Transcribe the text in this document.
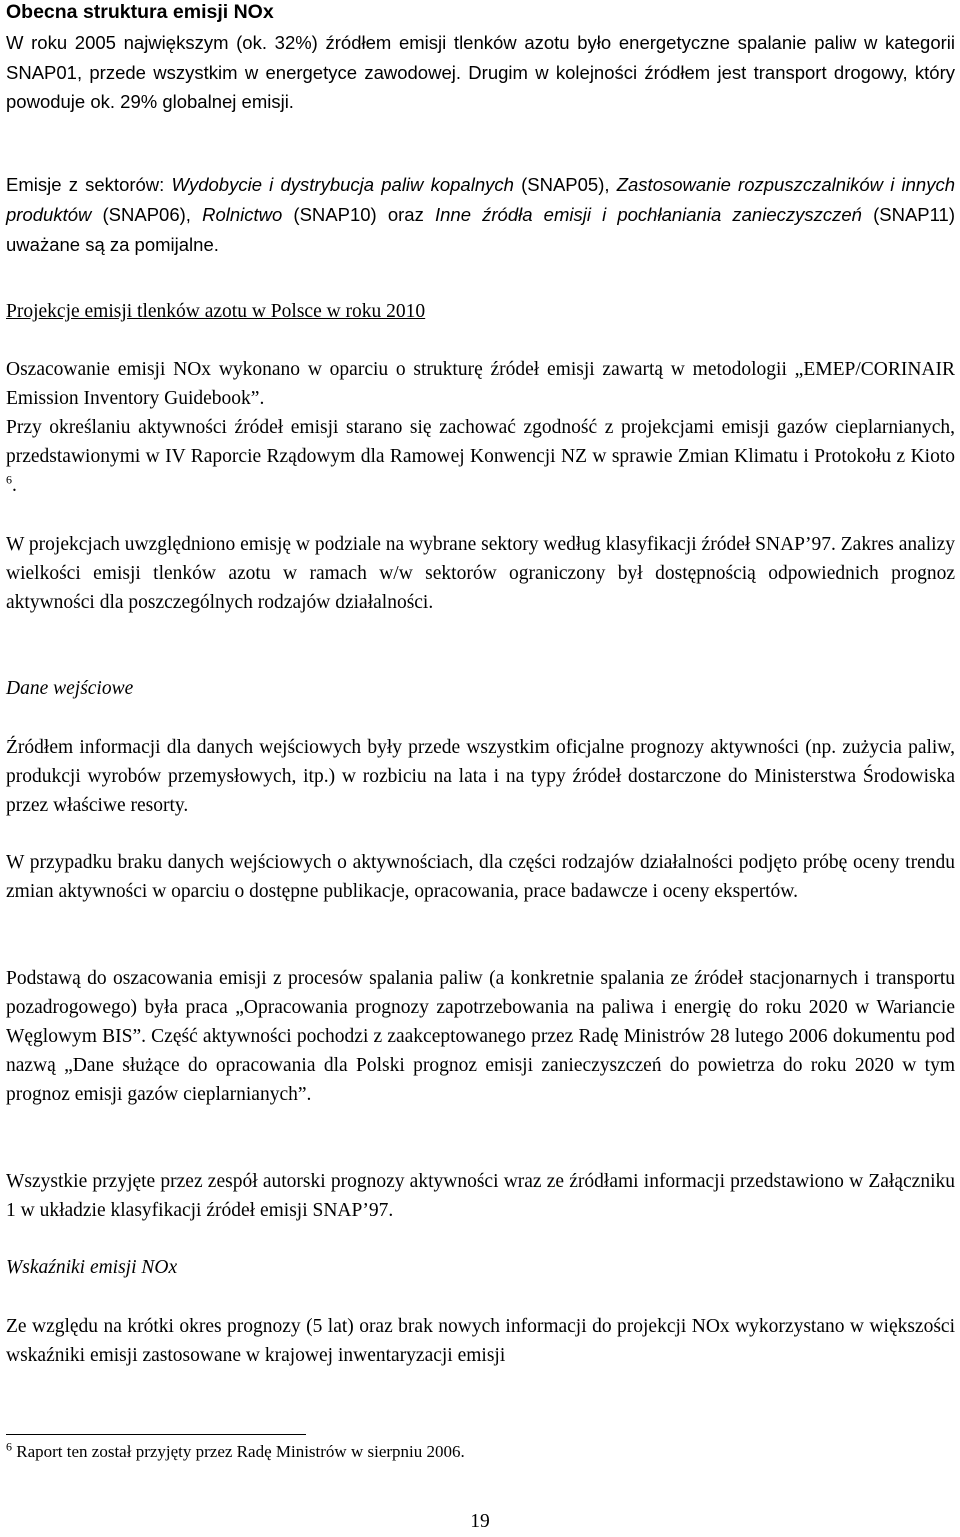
Obecna struktura emisji NOx

W roku 2005 największym (ok. 32%) źródłem emisji tlenków azotu było energetyczne spalanie paliw w kategorii SNAP01, przede wszystkim w energetyce zawodowej. Drugim w kolejności źródłem jest transport drogowy, który powoduje ok. 29% globalnej emisji.

Emisje z sektorów: Wydobycie i dystrybucja paliw kopalnych (SNAP05), Zastosowanie rozpuszczalników i innych produktów (SNAP06), Rolnictwo (SNAP10) oraz Inne źródła emisji i pochłaniania zanieczyszczeń (SNAP11) uważane są za pomijalne.

Projekcje emisji tlenków azotu w Polsce w roku 2010

Oszacowanie emisji NOx wykonano w oparciu o strukturę źródeł emisji zawartą w metodologii „EMEP/CORINAIR Emission Inventory Guidebook”.

Przy określaniu aktywności źródeł emisji starano się zachować zgodność z projekcjami emisji gazów cieplarnianych, przedstawionymi w IV Raporcie Rządowym dla Ramowej Konwencji NZ w sprawie Zmian Klimatu i Protokołu z Kioto $^6$.

W projekcjach uwzględniono emisję w podziale na wybrane sektory według klasyfikacji źródeł SNAP’97. Zakres analizy wielkości emisji tlenków azotu w ramach w/w sektorów ograniczony był dostępnością odpowiednich prognoz aktywności dla poszczególnych rodzajów działalności.

Dane wejściowe

Źródłem informacji dla danych wejściowych były przede wszystkim oficjalne prognozy aktywności (np. zużycia paliw, produkcji wyrobów przemysłowych, itp.) w rozbiciu na lata i na typy źródeł dostarczone do Ministerstwa Środowiska przez właściwe resorty.

W przypadku braku danych wejściowych o aktywnościach, dla części rodzajów działalności podjęto próbę oceny trendu zmian aktywności w oparciu o dostępne publikacje, opracowania, prace badawcze i oceny ekspertów.

Podstawą do oszacowania emisji z procesów spalania paliw (a konkretnie spalania ze źródeł stacjonarnych i transportu pozadrogowego) była praca „Opracowania prognozy zapotrzebowania na paliwa i energię do roku 2020 w Wariancie Węglowym BIS”. Część aktywności pochodzi z zaakceptowanego przez Radę Ministrów 28 lutego 2006 dokumentu pod nazwą „Dane służące do opracowania dla Polski prognoz emisji zanieczyszczeń do powietrza do roku 2020 w tym prognoz emisji gazów cieplarnianych”.

Wszystkie przyjęte przez zespół autorski prognozy aktywności wraz ze źródłami informacji przedstawiono w Załączniku 1 w układzie klasyfikacji źródeł emisji SNAP’97.

Wskaźniki emisji NOx

Ze względu na krótki okres prognozy (5 lat) oraz brak nowych informacji do projekcji NOx wykorzystano w większości wskaźniki emisji zastosowane w krajowej inwentaryzacji emisji

$^6$ Raport ten został przyjęty przez Radę Ministrów w sierpniu 2006.

19
